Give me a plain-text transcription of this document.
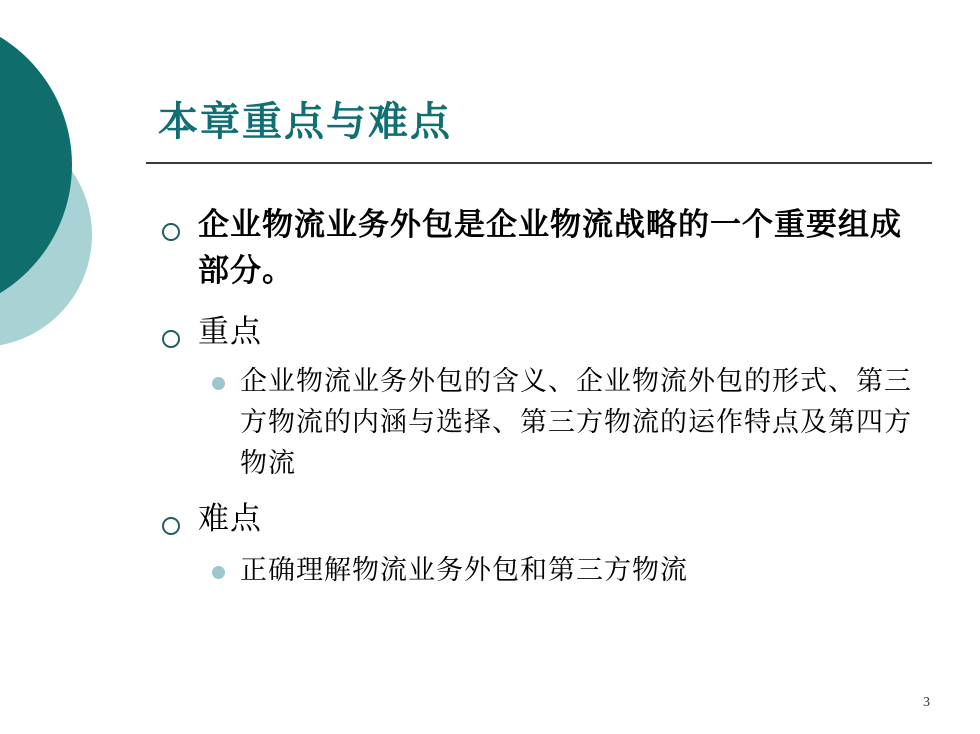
本章重点与难点
企业物流业务外包是企业物流战略的一个重要组成部分。
重点
企业物流业务外包的含义、企业物流外包的形式、第三方物流的内涵与选择、第三方物流的运作特点及第四方物流
难点
正确理解物流业务外包和第三方物流
3
